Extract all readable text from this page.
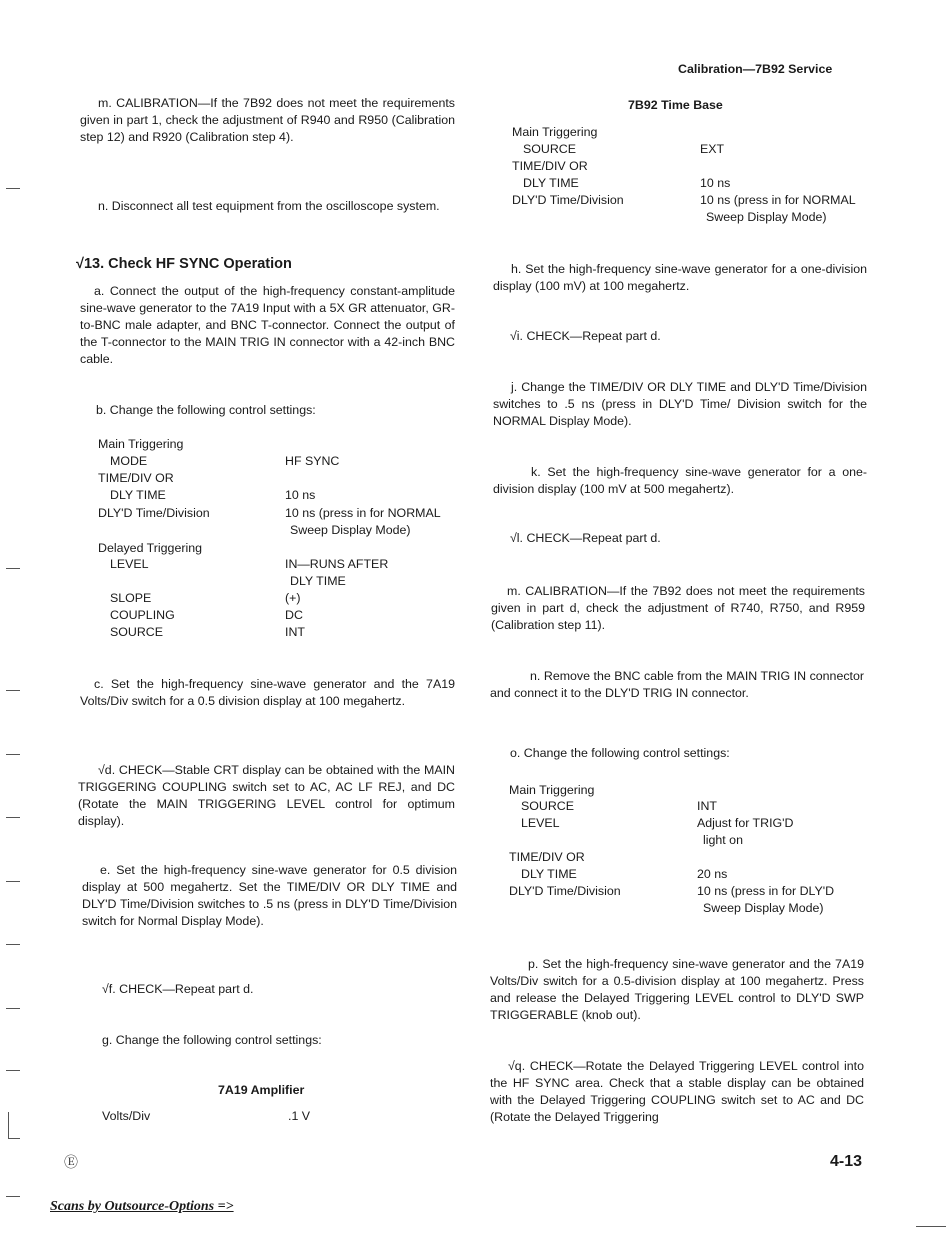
Calibration—7B92 Service
m. CALIBRATION—If the 7B92 does not meet the requirements given in part 1, check the adjustment of R940 and R950 (Calibration step 12) and R920 (Calibration step 4).
n. Disconnect all test equipment from the oscilloscope system.
√13. Check HF SYNC Operation
a. Connect the output of the high-frequency constant-amplitude sine-wave generator to the 7A19 Input with a 5X GR attenuator, GR-to-BNC male adapter, and BNC T-connector. Connect the output of the T-connector to the MAIN TRIG IN connector with a 42-inch BNC cable.
b. Change the following control settings:
Main Triggering
MODE	HF SYNC
TIME/DIV OR
DLY TIME	10 ns
DLY'D Time/Division	10 ns (press in for NORMAL
Sweep Display Mode)
Delayed Triggering
LEVEL	IN—RUNS AFTER
DLY TIME
SLOPE	(+)
COUPLING	DC
SOURCE	INT
c. Set the high-frequency sine-wave generator and the 7A19 Volts/Div switch for a 0.5 division display at 100 megahertz.
√d. CHECK—Stable CRT display can be obtained with the MAIN TRIGGERING COUPLING switch set to AC, AC LF REJ, and DC (Rotate the MAIN TRIGGERING LEVEL control for optimum display).
e. Set the high-frequency sine-wave generator for 0.5 division display at 500 megahertz. Set the TIME/DIV OR DLY TIME and DLY'D Time/Division switches to .5 ns (press in DLY'D Time/Division switch for Normal Display Mode).
√f. CHECK—Repeat part d.
g. Change the following control settings:
7A19 Amplifier
Volts/Div	.1 V
7B92 Time Base
Main Triggering
SOURCE	EXT
TIME/DIV OR
DLY TIME	10 ns
DLY'D Time/Division	10 ns (press in for NORMAL
Sweep Display Mode)
h. Set the high-frequency sine-wave generator for a one-division display (100 mV) at 100 megahertz.
√i. CHECK—Repeat part d.
j. Change the TIME/DIV OR DLY TIME and DLY'D Time/Division switches to .5 ns (press in DLY'D Time/ Division switch for the NORMAL Display Mode).
k. Set the high-frequency sine-wave generator for a one-division display (100 mV at 500 megahertz).
√l. CHECK—Repeat part d.
m. CALIBRATION—If the 7B92 does not meet the requirements given in part d, check the adjustment of R740, R750, and R959 (Calibration step 11).
n. Remove the BNC cable from the MAIN TRIG IN connector and connect it to the DLY'D TRIG IN connector.
o. Change the following control settings:
Main Triggering
SOURCE	INT
LEVEL	Adjust for TRIG'D
light on
TIME/DIV OR
DLY TIME	20 ns
DLY'D Time/Division	10 ns (press in for DLY'D
Sweep Display Mode)
p. Set the high-frequency sine-wave generator and the 7A19 Volts/Div switch for a 0.5-division display at 100 megahertz. Press and release the Delayed Triggering LEVEL control to DLY'D SWP TRIGGERABLE (knob out).
√q. CHECK—Rotate the Delayed Triggering LEVEL control into the HF SYNC area. Check that a stable display can be obtained with the Delayed Triggering COUPLING switch set to AC and DC (Rotate the Delayed Triggering
Ⓔ	4-13
Scans by Outsource-Options =>
